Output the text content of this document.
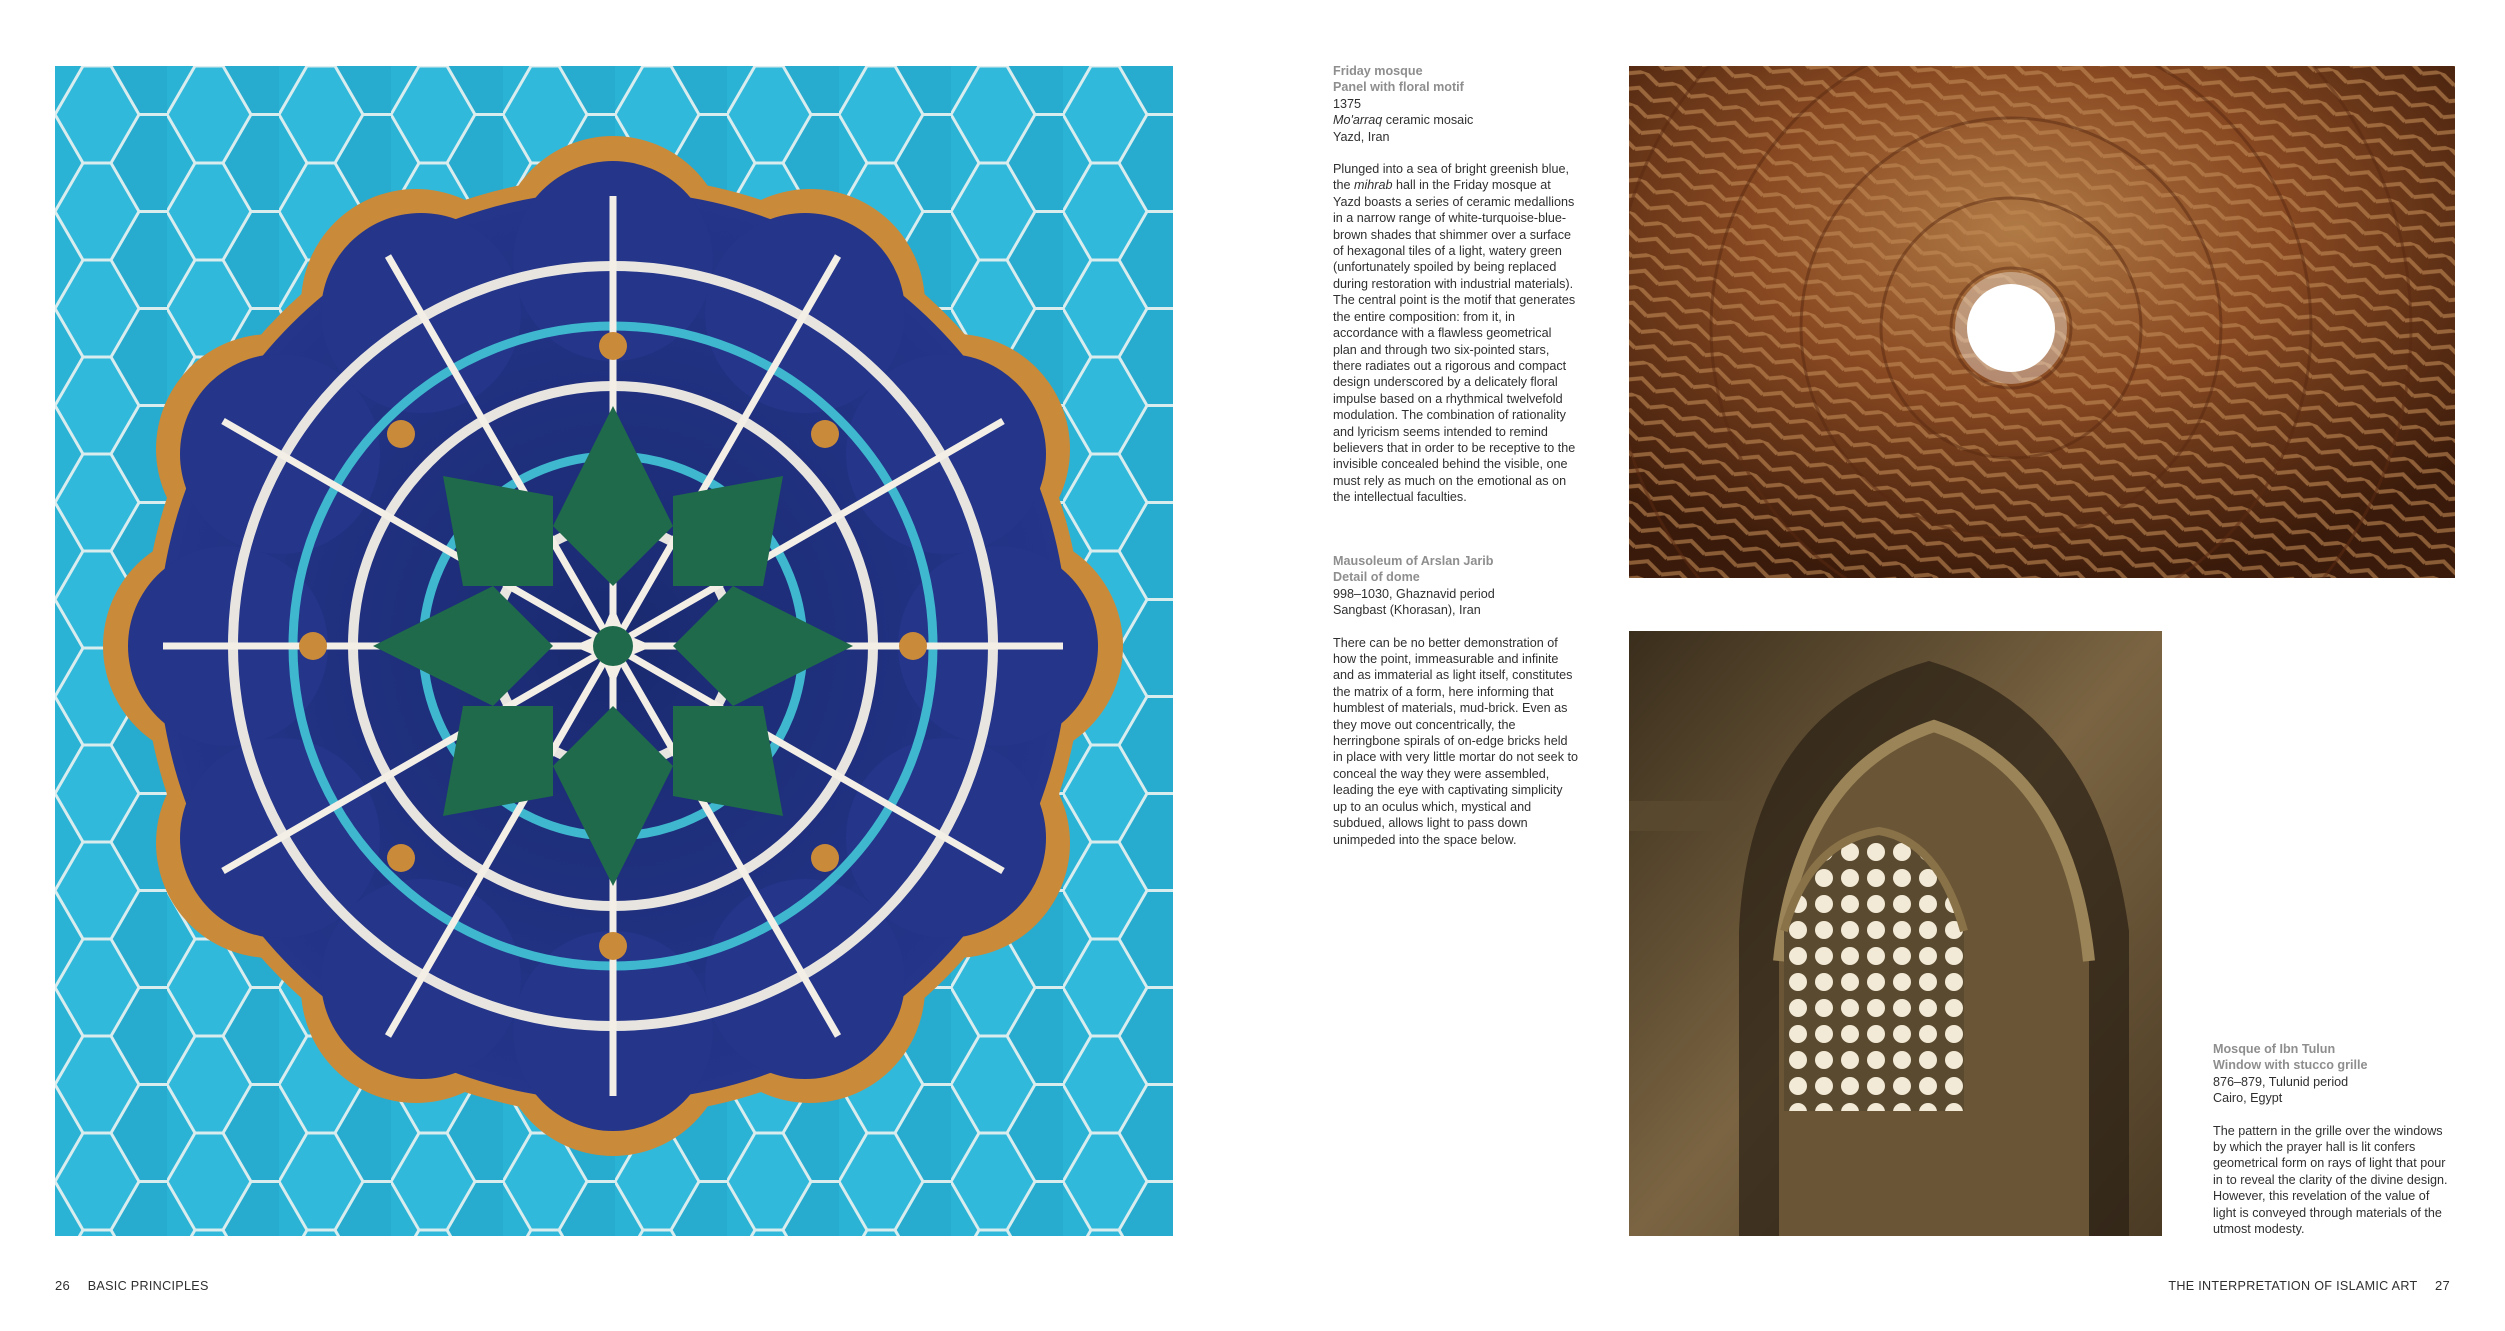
26 BASIC PRINCIPLES
Friday mosque
Panel with floral motif
1375
Mo'arraq ceramic mosaic
Yazd, Iran
Plunged into a sea of bright greenish blue, the mihrab hall in the Friday mosque at Yazd boasts a series of ceramic medallions in a narrow range of white-turquoise-blue-brown shades that shimmer over a surface of hexagonal tiles of a light, watery green (unfortunately spoiled by being replaced during restoration with industrial materials). The central point is the motif that generates the entire composition: from it, in accordance with a flawless geometrical plan and through two six-pointed stars, there radiates out a rigorous and compact design underscored by a delicately floral impulse based on a rhythmical twelvefold modulation. The combination of rationality and lyricism seems intended to remind believers that in order to be receptive to the invisible concealed behind the visible, one must rely as much on the emotional as on the intellectual faculties.
Mausoleum of Arslan Jarib
Detail of dome
998–1030, Ghaznavid period
Sangbast (Khorasan), Iran
There can be no better demonstration of how the point, immeasurable and infinite and as immaterial as light itself, constitutes the matrix of a form, here informing that humblest of materials, mud-brick. Even as they move out concentrically, the herringbone spirals of on-edge bricks held in place with very little mortar do not seek to conceal the way they were assembled, leading the eye with captivating simplicity up to an oculus which, mystical and subdued, allows light to pass down unimpeded into the space below.
Mosque of Ibn Tulun
Window with stucco grille
876–879, Tulunid period
Cairo, Egypt
The pattern in the grille over the windows by which the prayer hall is lit confers geometrical form on rays of light that pour in to reveal the clarity of the divine design. However, this revelation of the value of light is conveyed through materials of the utmost modesty.
THE INTERPRETATION OF ISLAMIC ART 27
